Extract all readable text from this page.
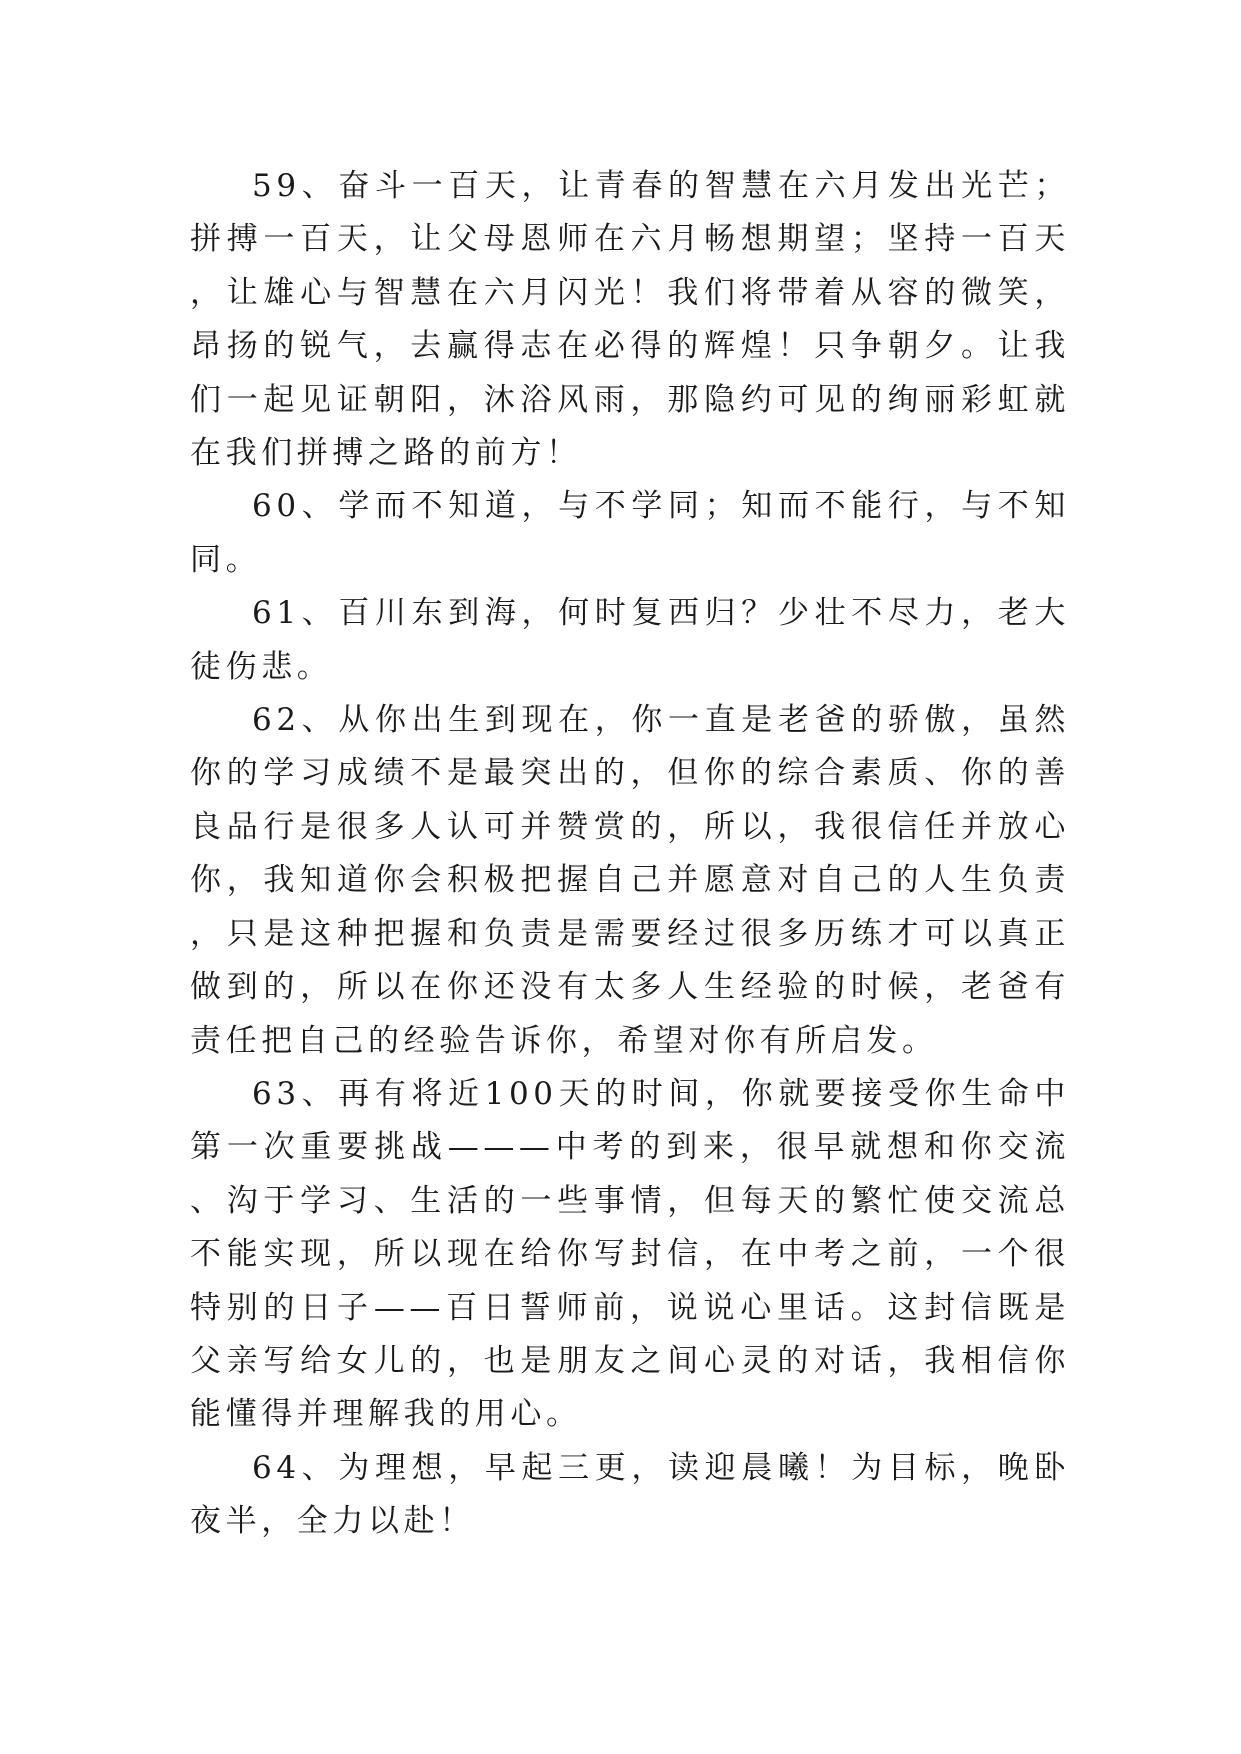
59、奋斗一百天，让青春的智慧在六月发出光芒；拼搏一百天，让父母恩师在六月畅想期望；坚持一百天，让雄心与智慧在六月闪光！我们将带着从容的微笑，昂扬的锐气，去赢得志在必得的辉煌！只争朝夕。让我们一起见证朝阳，沐浴风雨，那隐约可见的绚丽彩虹就在我们拼搏之路的前方！

60、学而不知道，与不学同；知而不能行，与不知同。

61、百川东到海，何时复西归？少壮不尽力，老大徒伤悲。

62、从你出生到现在，你一直是老爸的骄傲，虽然你的学习成绩不是最突出的，但你的综合素质、你的善良品行是很多人认可并赞赏的，所以，我很信任并放心你，我知道你会积极把握自己并愿意对自己的人生负责，只是这种把握和负责是需要经过很多历练才可以真正做到的，所以在你还没有太多人生经验的时候，老爸有责任把自己的经验告诉你，希望对你有所启发。

63、再有将近100天的时间，你就要接受你生命中第一次重要挑战———中考的到来，很早就想和你交流、沟于学习、生活的一些事情，但每天的繁忙使交流总不能实现，所以现在给你写封信，在中考之前，一个很特别的日子——百日誓师前，说说心里话。这封信既是父亲写给女儿的，也是朋友之间心灵的对话，我相信你能懂得并理解我的用心。

64、为理想，早起三更，读迎晨曦！为目标，晚卧夜半，全力以赴！
